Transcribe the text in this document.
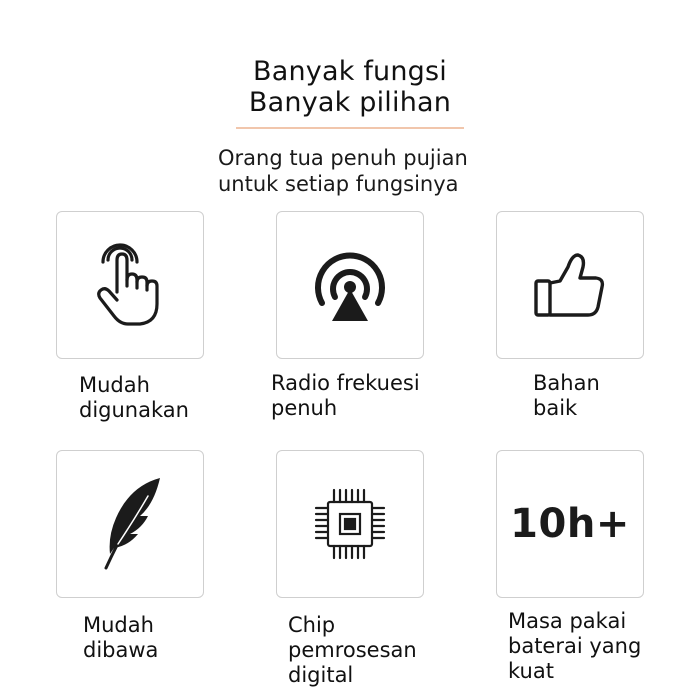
Banyak fungsi
Banyak pilihan
Orang tua penuh pujian
untuk setiap fungsinya
Mudah
digunakan
Radio frekuesi
penuh
Bahan
baik
10h+
Mudah
dibawa
Chip
pemrosesan
digital
Masa pakai
baterai yang
kuat
